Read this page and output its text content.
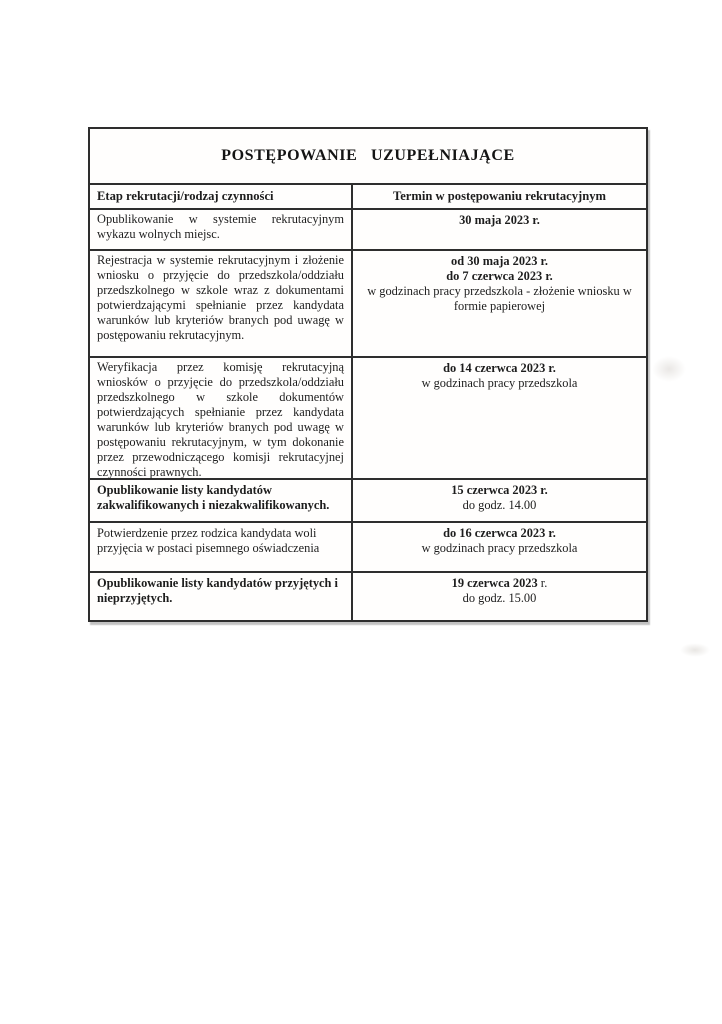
POSTĘPOWANIE UZUPEŁNIAJĄCE
Etap rekrutacji/rodzaj czynności	Termin w postępowaniu rekrutacyjnym
Opublikowanie w systemie rekrutacyjnym wykazu wolnych miejsc.
30 maja 2023 r.
Rejestracja w systemie rekrutacyjnym i złożenie wniosku o przyjęcie do przedszkola/oddziału przedszkolnego w szkole wraz z dokumentami potwierdzającymi spełnianie przez kandydata warunków lub kryteriów branych pod uwagę w postępowaniu rekrutacyjnym.
od 30 maja 2023 r.
do 7 czerwca 2023 r.
w godzinach pracy przedszkola - złożenie wniosku w formie papierowej
Weryfikacja przez komisję rekrutacyjną wniosków o przyjęcie do przedszkola/oddziału przedszkolnego w szkole dokumentów potwierdzających spełnianie przez kandydata warunków lub kryteriów branych pod uwagę w postępowaniu rekrutacyjnym, w tym dokonanie przez przewodniczącego komisji rekrutacyjnej czynności prawnych.
do 14 czerwca 2023 r.
w godzinach pracy przedszkola
Opublikowanie listy kandydatów zakwalifikowanych i niezakwalifikowanych.
15 czerwca 2023 r.
do godz. 14.00
Potwierdzenie przez rodzica kandydata woli przyjęcia w postaci pisemnego oświadczenia
do 16 czerwca 2023 r.
w godzinach pracy przedszkola
Opublikowanie listy kandydatów przyjętych i nieprzyjętych.
19 czerwca 2023 r.
do godz. 15.00
